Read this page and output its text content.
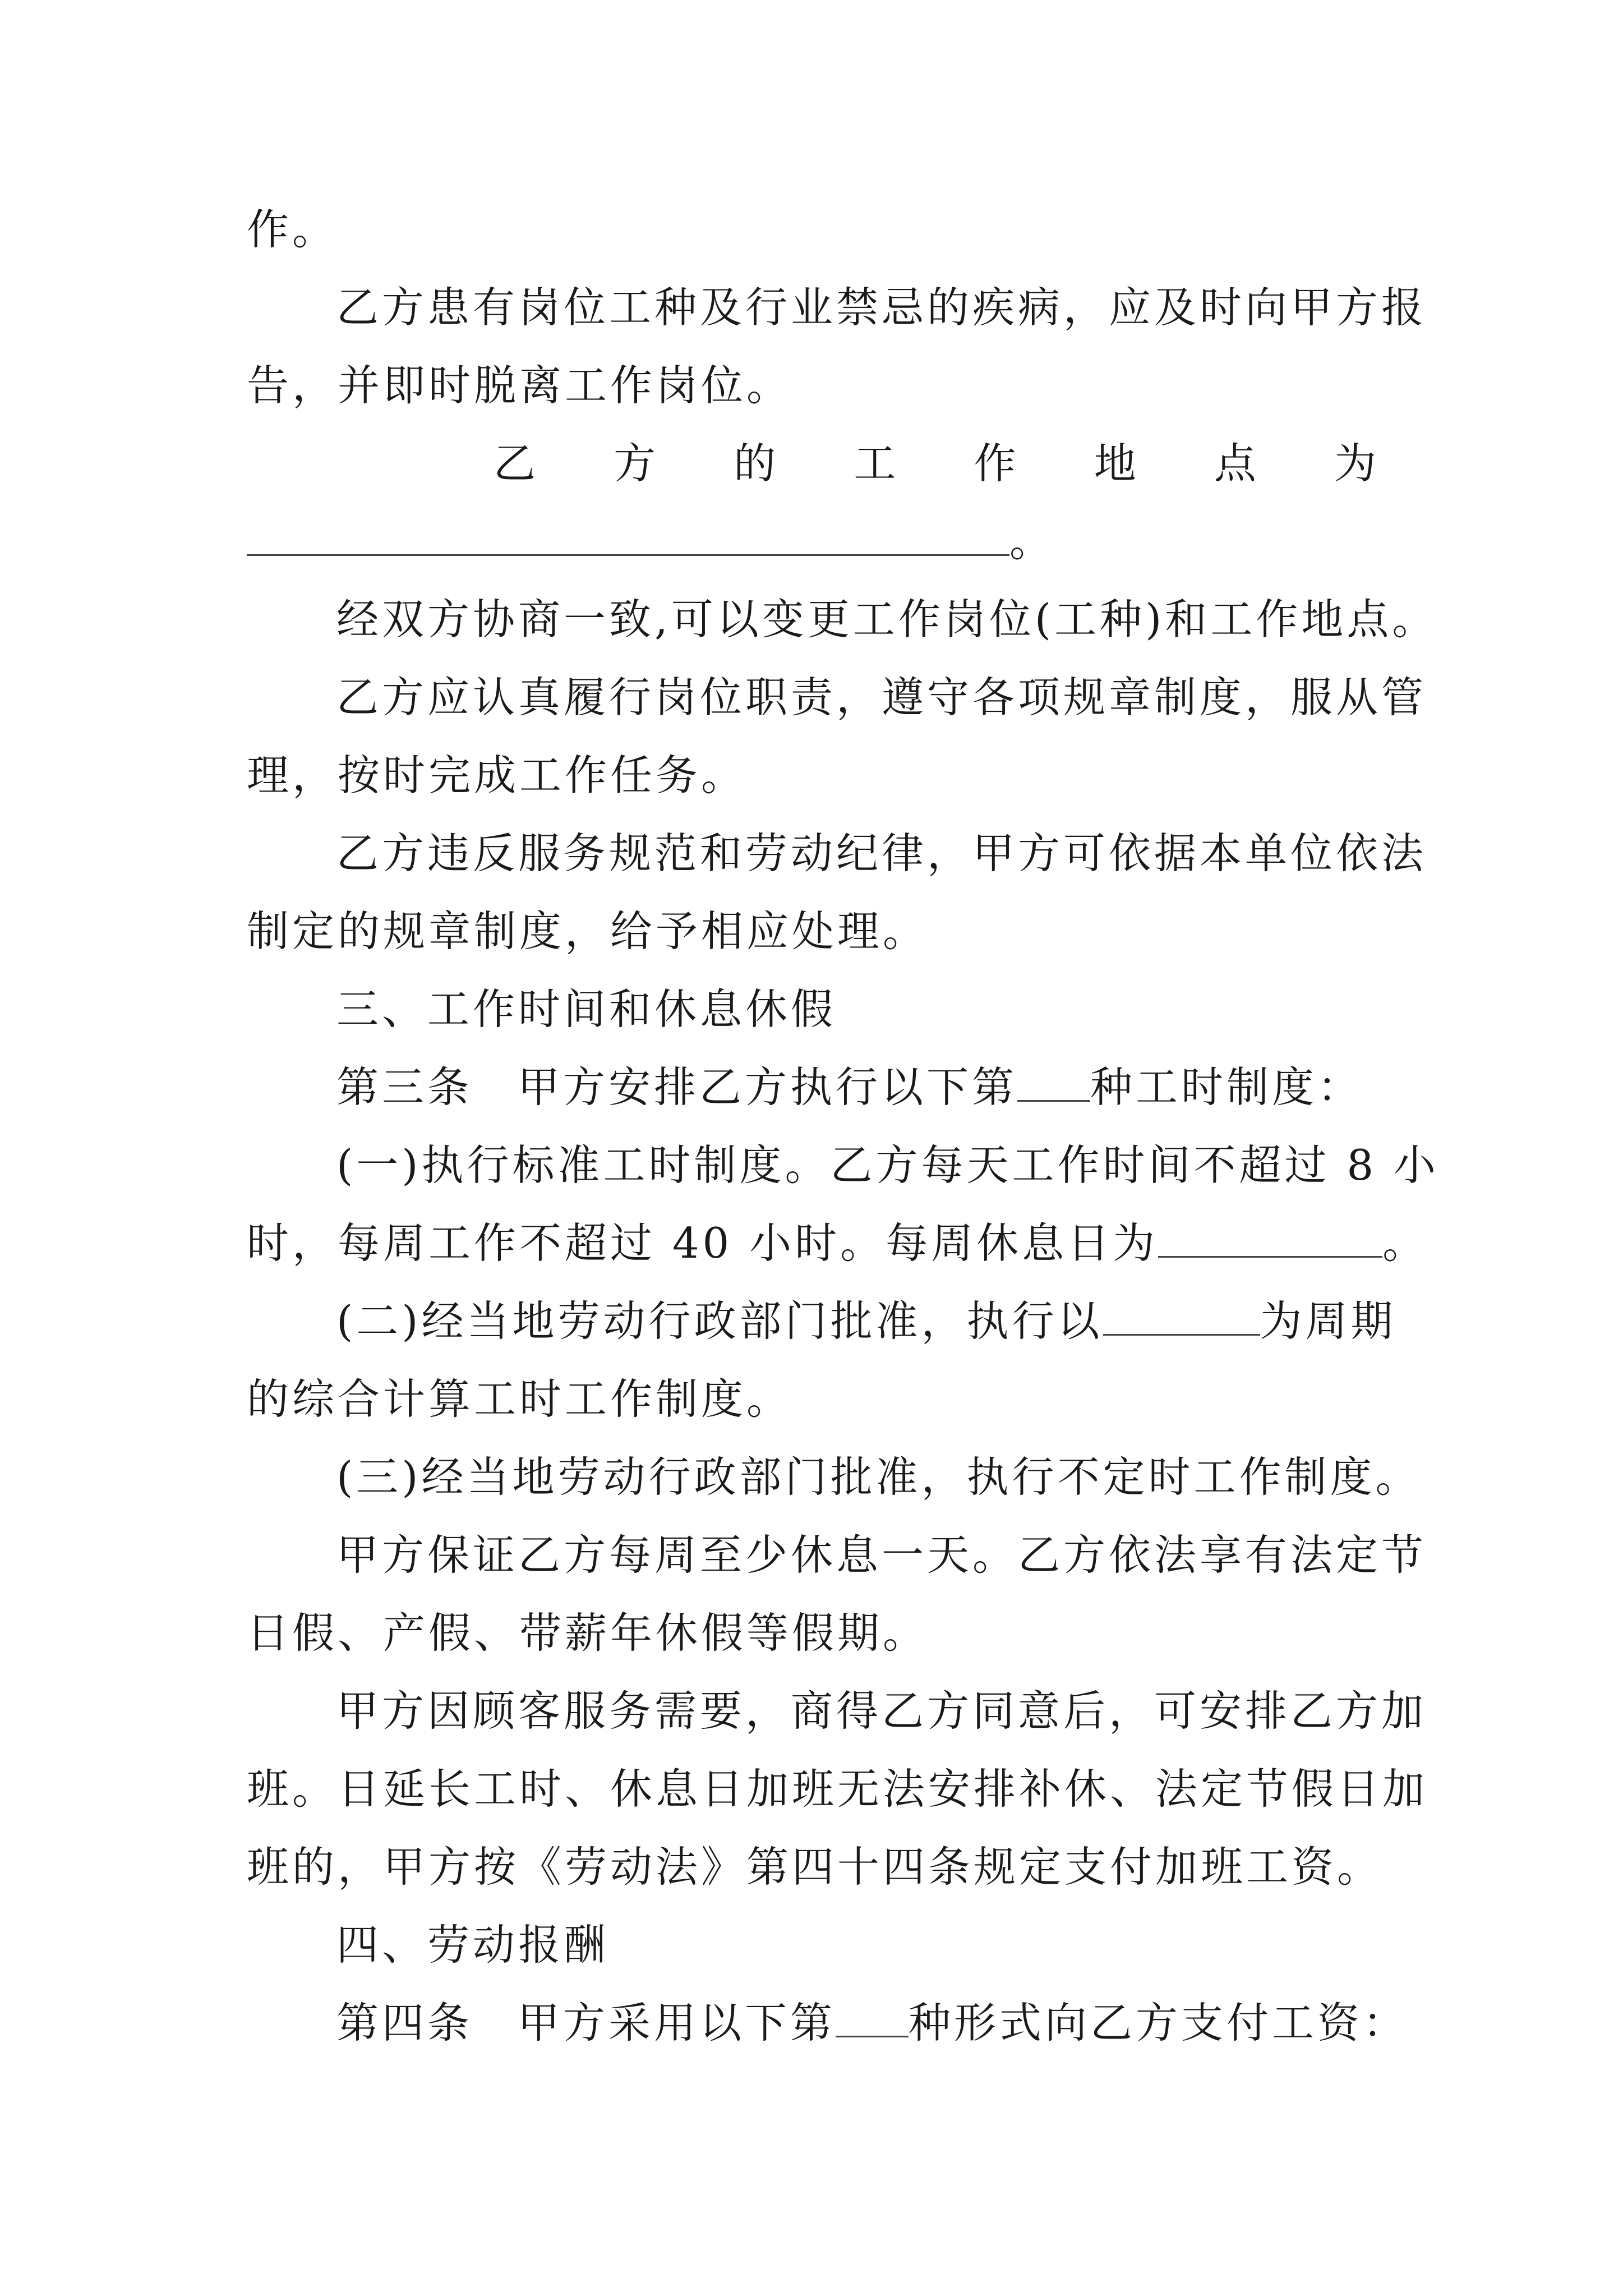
作。
乙方患有岗位工种及行业禁忌的疾病，应及时向甲方报
告，并即时脱离工作岗位。
乙 方 的 工 作 地 点 为
。
经双方协商一致,可以变更工作岗位(工种)和工作地点。
乙方应认真履行岗位职责，遵守各项规章制度，服从管
理，按时完成工作任务。
乙方违反服务规范和劳动纪律，甲方可依据本单位依法
制定的规章制度，给予相应处理。
三、工作时间和休息休假
第三条 甲方安排乙方执行以下第 种工时制度：
(一)执行标准工时制度。乙方每天工作时间不超过 8 小
时，每周工作不超过 40 小时。每周休息日为	。
(二)经当地劳动行政部门批准，执行以	为周期
的综合计算工时工作制度。
(三)经当地劳动行政部门批准，执行不定时工作制度。
甲方保证乙方每周至少休息一天。乙方依法享有法定节
日假、产假、带薪年休假等假期。
甲方因顾客服务需要，商得乙方同意后，可安排乙方加
班。日延长工时、休息日加班无法安排补休、法定节假日加
班的，甲方按《劳动法》第四十四条规定支付加班工资。
四、劳动报酬
第四条 甲方采用以下第 种形式向乙方支付工资：
